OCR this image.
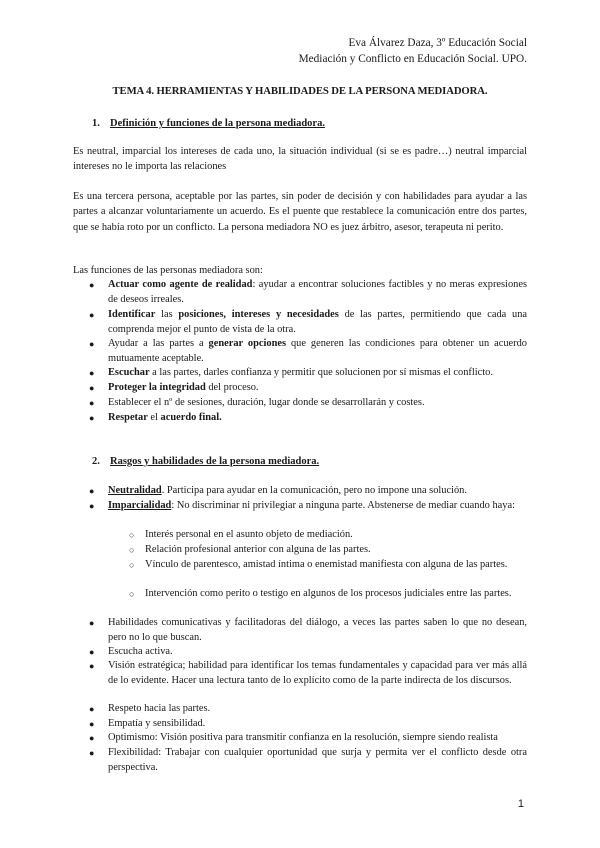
Eva Álvarez Daza, 3º Educación Social
Mediación y Conflicto en Educación Social. UPO.
TEMA 4. HERRAMIENTAS Y HABILIDADES DE LA PERSONA MEDIADORA.
1. Definición y funciones de la persona mediadora.
Es neutral, imparcial los intereses de cada uno, la situación individual (si se es padre…) neutral imparcial intereses no le importa las relaciones
Es una tercera persona, aceptable por las partes, sin poder de decisión y con habilidades para ayudar a las partes a alcanzar voluntariamente un acuerdo. Es el puente que restablece la comunicación entre dos partes, que se había roto por un conflicto. La persona mediadora NO es juez árbitro, asesor, terapeuta ni perito.
Las funciones de las personas mediadora son:
● Actuar como agente de realidad: ayudar a encontrar soluciones factibles y no meras expresiones de deseos irreales.
● Identificar las posiciones, intereses y necesidades de las partes, permitiendo que cada una comprenda mejor el punto de vista de la otra.
● Ayudar a las partes a generar opciones que generen las condiciones para obtener un acuerdo mutuamente aceptable.
● Escuchar a las partes, darles confianza y permitir que solucionen por sí mismas el conflicto.
● Proteger la integridad del proceso.
● Establecer el nº de sesiones, duración, lugar donde se desarrollarán y costes.
● Respetar el acuerdo final.
2. Rasgos y habilidades de la persona mediadora.
● Neutralidad. Participa para ayudar en la comunicación, pero no impone una solución.
● Imparcialidad: No discriminar ni privilegiar a ninguna parte. Abstenerse de mediar cuando haya:
○ Interés personal en el asunto objeto de mediación.
○ Relación profesional anterior con alguna de las partes.
○ Vínculo de parentesco, amistad íntima o enemistad manifiesta con alguna de las partes.
○ Intervención como perito o testigo en algunos de los procesos judiciales entre las partes.
● Habilidades comunicativas y facilitadoras del diálogo, a veces las partes saben lo que no desean, pero no lo que buscan.
● Escucha activa.
● Visión estratégica; habilidad para identificar los temas fundamentales y capacidad para ver más allá de lo evidente. Hacer una lectura tanto de lo explícito como de la parte indirecta de los discursos.
● Respeto hacia las partes.
● Empatía y sensibilidad.
● Optimismo: Visión positiva para transmitir confianza en la resolución, siempre siendo realista
● Flexibilidad: Trabajar con cualquier oportunidad que surja y permita ver el conflicto desde otra perspectiva.
1
